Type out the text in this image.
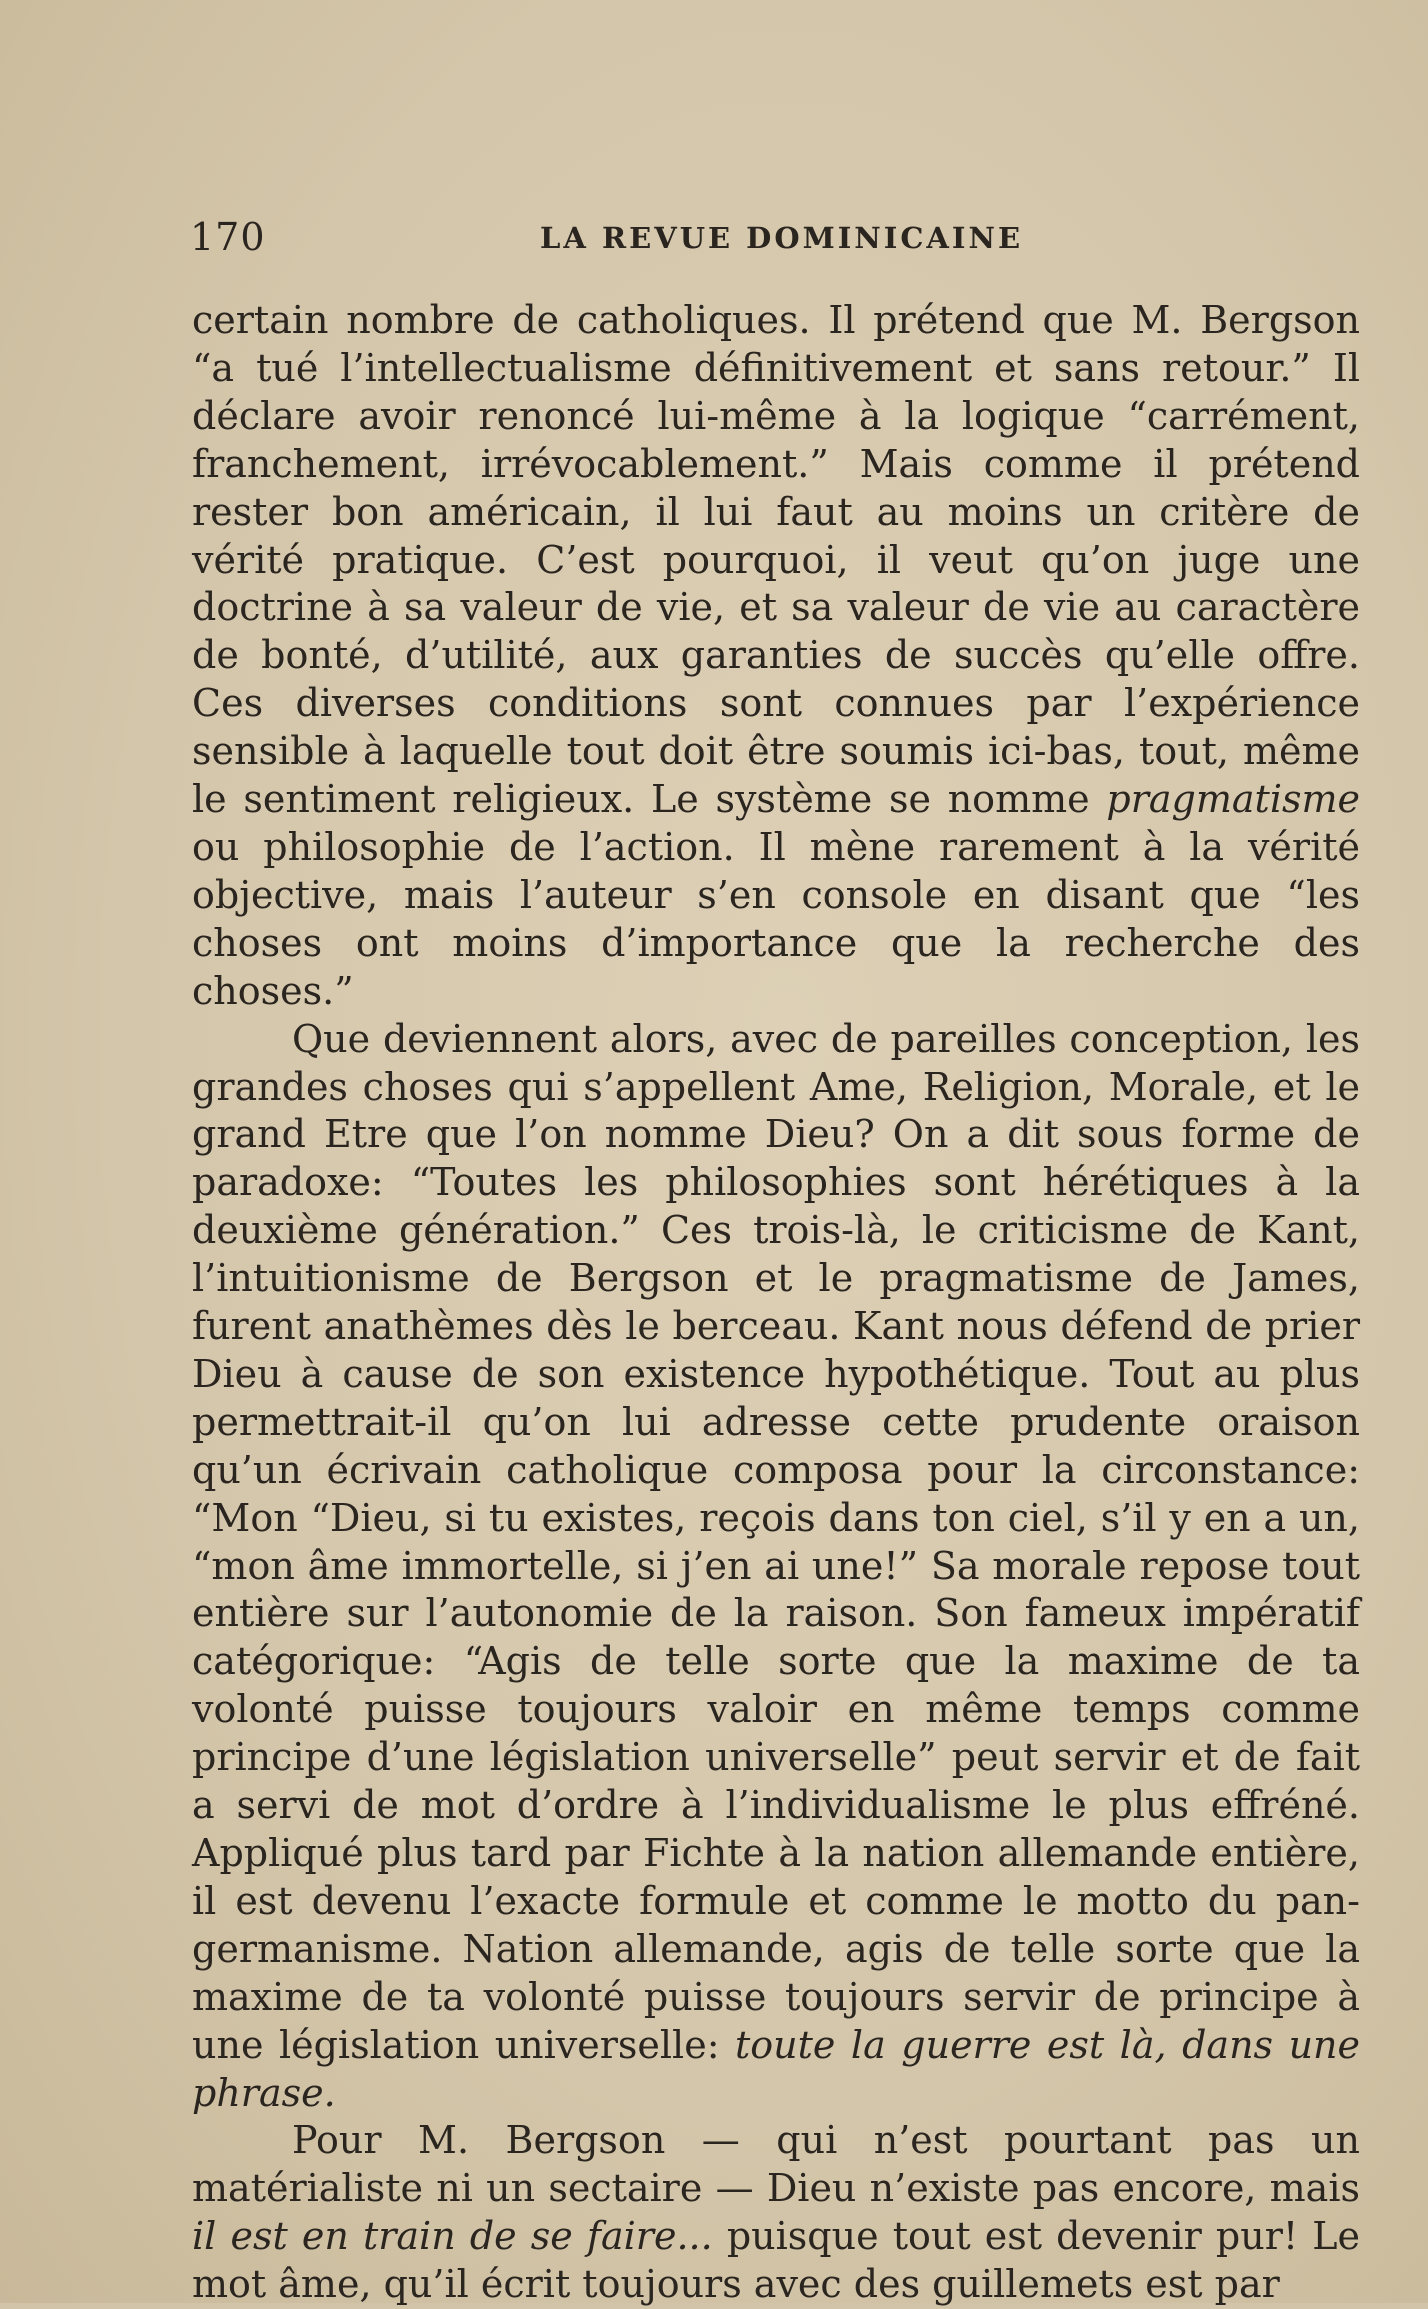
170	LA REVUE DOMINICAINE

certain nombre de catholiques. Il prétend que M. Bergson “a tué l’intellectualisme définitivement et sans retour.” Il déclare avoir renoncé lui-même à la logique “carrément, franchement, irrévocablement.” Mais comme il prétend rester bon américain, il lui faut au moins un critère de vérité pratique. C’est pourquoi, il veut qu’on juge une doctrine à sa valeur de vie, et sa valeur de vie au caractère de bonté, d’utilité, aux garanties de succès qu’elle offre. Ces diverses conditions sont connues par l’expérience sensible à laquelle tout doit être soumis ici-bas, tout, même le sentiment religieux. Le système se nomme pragmatisme ou philosophie de l’action. Il mène rarement à la vérité objective, mais l’auteur s’en console en disant que “les choses ont moins d’importance que la recherche des choses.”

Que deviennent alors, avec de pareilles conception, les grandes choses qui s’appellent Ame, Religion, Morale, et le grand Etre que l’on nomme Dieu? On a dit sous forme de paradoxe: “Toutes les philosophies sont hérétiques à la deuxième génération.” Ces trois-là, le criticisme de Kant, l’intuitionisme de Bergson et le pragmatisme de James, furent anathèmes dès le berceau. Kant nous défend de prier Dieu à cause de son existence hypothétique. Tout au plus permettrait-il qu’on lui adresse cette prudente oraison qu’un écrivain catholique composa pour la circonstance: “Mon “Dieu, si tu existes, reçois dans ton ciel, s’il y en a un, “mon âme immortelle, si j’en ai une!” Sa morale repose tout entière sur l’autonomie de la raison. Son fameux impératif catégorique: “Agis de telle sorte que la maxime de ta volonté puisse toujours valoir en même temps comme principe d’une législation universelle” peut servir et de fait a servi de mot d’ordre à l’individualisme le plus effréné. Appliqué plus tard par Fichte à la nation allemande entière, il est devenu l’exacte formule et comme le motto du pan-germanisme. Nation allemande, agis de telle sorte que la maxime de ta volonté puisse toujours servir de principe à une législation universelle: toute la guerre est là, dans une phrase.

Pour M. Bergson — qui n’est pourtant pas un matérialiste ni un sectaire — Dieu n’existe pas encore, mais il est en train de se faire... puisque tout est devenir pur! Le mot âme, qu’il écrit toujours avec des guillemets est par
